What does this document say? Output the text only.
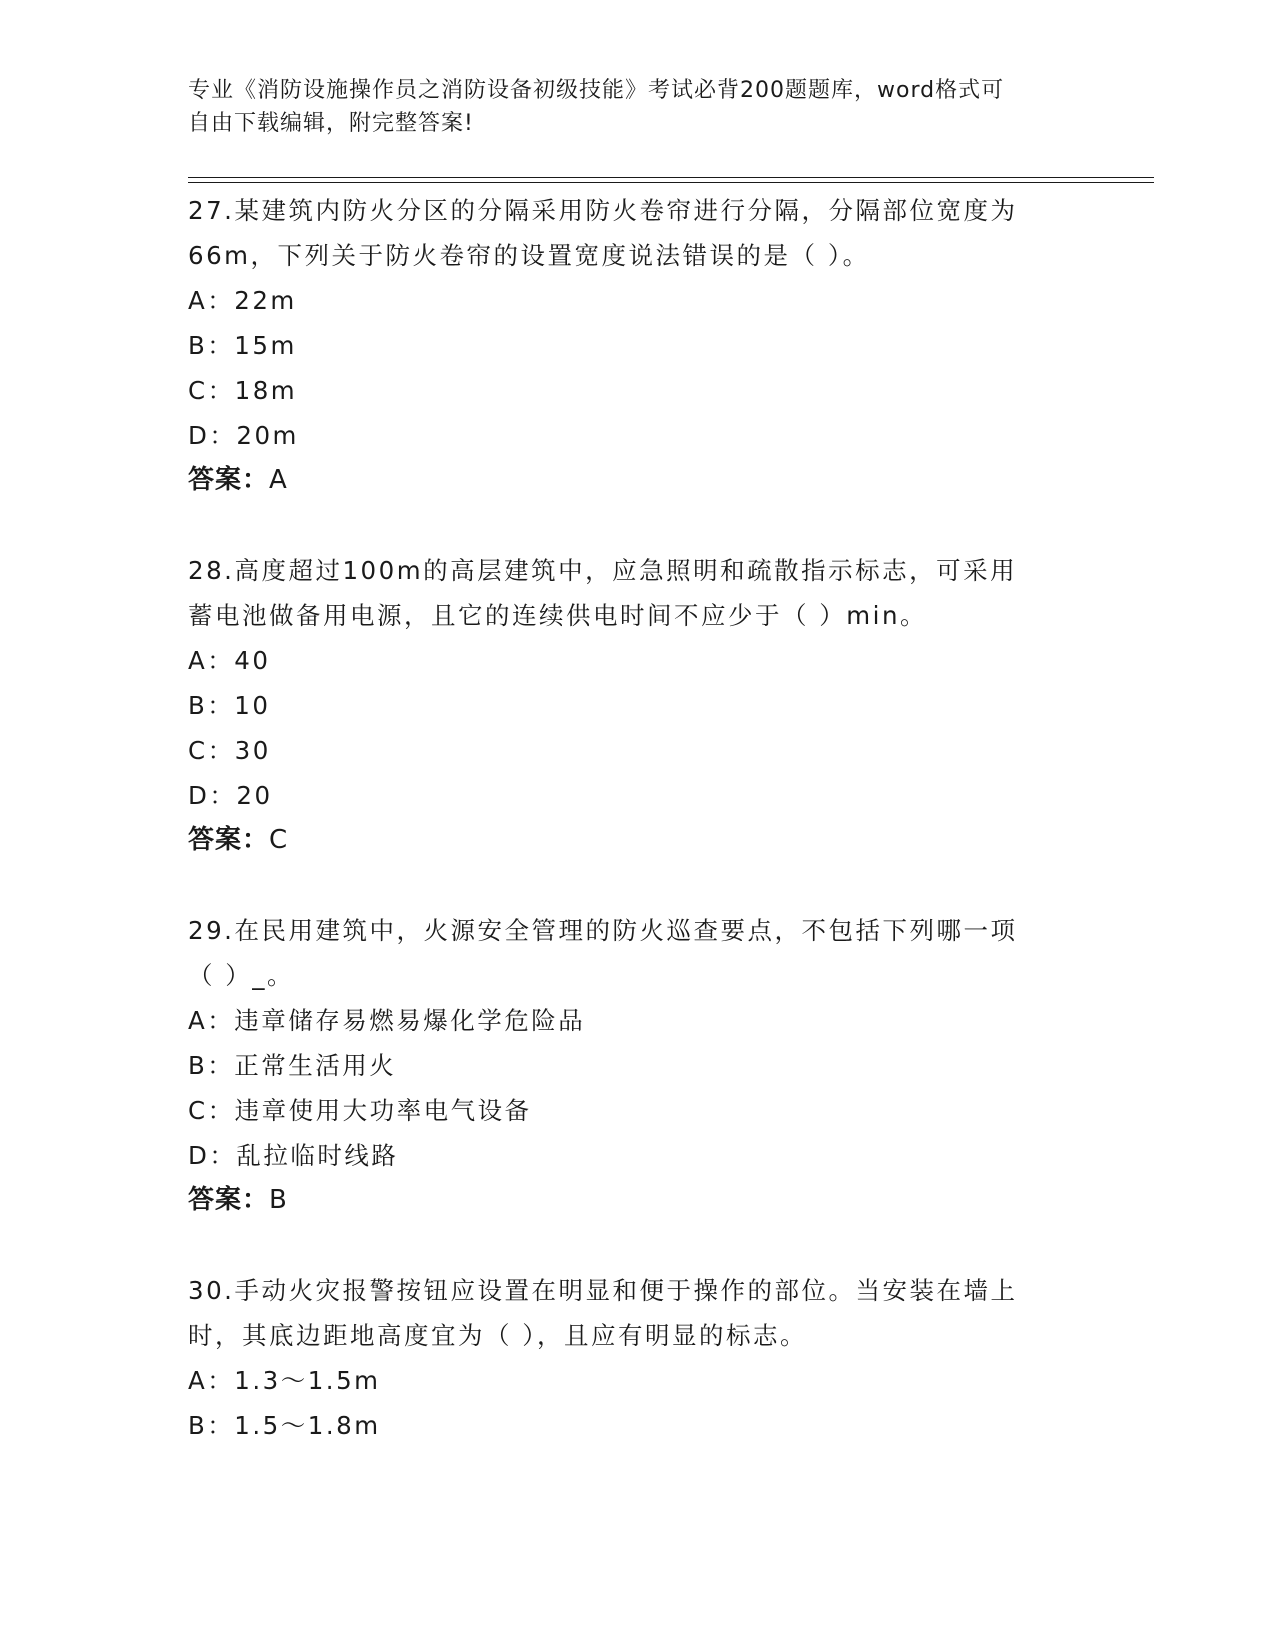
专业《消防设施操作员之消防设备初级技能》考试必背200题题库，word格式可
自由下载编辑，附完整答案!
27.某建筑内防火分区的分隔采用防火卷帘进行分隔，分隔部位宽度为
66m，下列关于防火卷帘的设置宽度说法错误的是（ ）。
A：22m
B：15m
C：18m
D：20m
答案：A
28.高度超过100m的高层建筑中，应急照明和疏散指示标志，可采用
蓄电池做备用电源，且它的连续供电时间不应少于（ ）min。
A：40
B：10
C：30
D：20
答案：C
29.在民用建筑中，火源安全管理的防火巡查要点，不包括下列哪一项
（ ）_。
A：违章储存易燃易爆化学危险品
B：正常生活用火
C：违章使用大功率电气设备
D：乱拉临时线路
答案：B
30.手动火灾报警按钮应设置在明显和便于操作的部位。当安装在墙上
时，其底边距地高度宜为（ ），且应有明显的标志。
A：1.3～1.5m
B：1.5～1.8m
